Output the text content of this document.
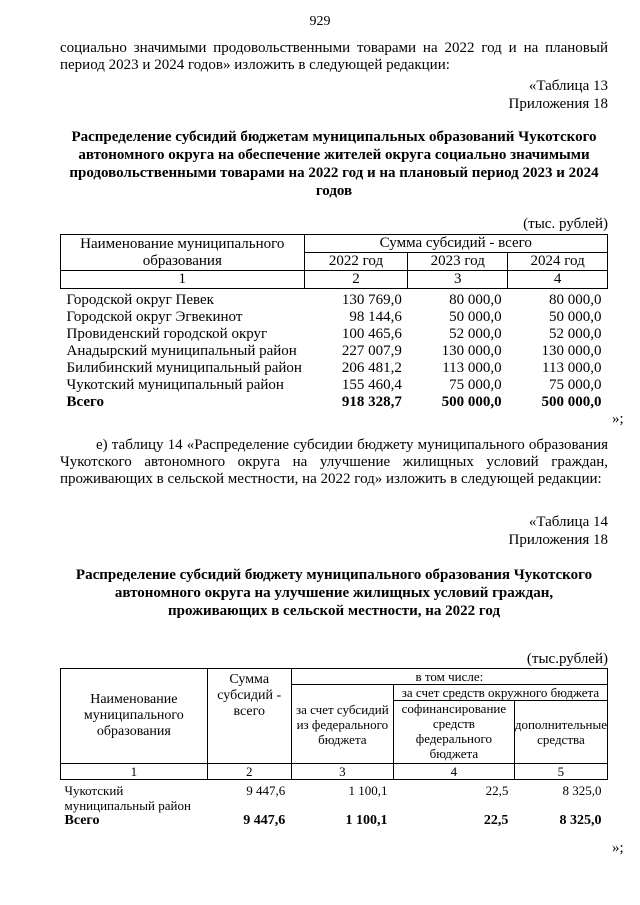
929
социально значимыми продовольственными товарами на 2022 год и на плановый период 2023 и 2024 годов» изложить в следующей редакции:
«Таблица 13
Приложения 18
Распределение субсидий бюджетам муниципальных образований Чукотского автономного округа на обеспечение жителей округа социально значимыми продовольственными товарами на 2022 год и на плановый период 2023 и 2024 годов
(тыс. рублей)
Наименование муниципального образования	Сумма субсидий - всего		
	2022 год	2023 год	2024 год
1	2	3	4
Городской округ Певек	130 769,0	80 000,0	80 000,0
Городской округ Эгвекинот	98 144,6	50 000,0	50 000,0
Провиденский городской округ	100 465,6	52 000,0	52 000,0
Анадырский муниципальный район	227 007,9	130 000,0	130 000,0
Билибинский муниципальный район	206 481,2	113 000,0	113 000,0
Чукотский муниципальный район	155 460,4	75 000,0	75 000,0
Всего	918 328,7	500 000,0	500 000,0
»;
е) таблицу 14 «Распределение субсидии бюджету муниципального образования Чукотского автономного округа на улучшение жилищных условий граждан, проживающих в сельской местности, на 2022 год» изложить в следующей редакции:
«Таблица 14
Приложения 18
Распределение субсидий бюджету муниципального образования Чукотского автономного округа на улучшение жилищных условий граждан, проживающих в сельской местности, на 2022 год
(тыс.рублей)
Наименование муниципального образования	Сумма субсидий - всего	в том числе:		
		за счет субсидий из федерального бюджета	за счет средств окружного бюджета	
			софинансирование средств федерального бюджета	дополнительные средства
1	2	3	4	5
Чукотский муниципальный район	9 447,6	1 100,1	22,5	8 325,0
Всего	9 447,6	1 100,1	22,5	8 325,0
»;
